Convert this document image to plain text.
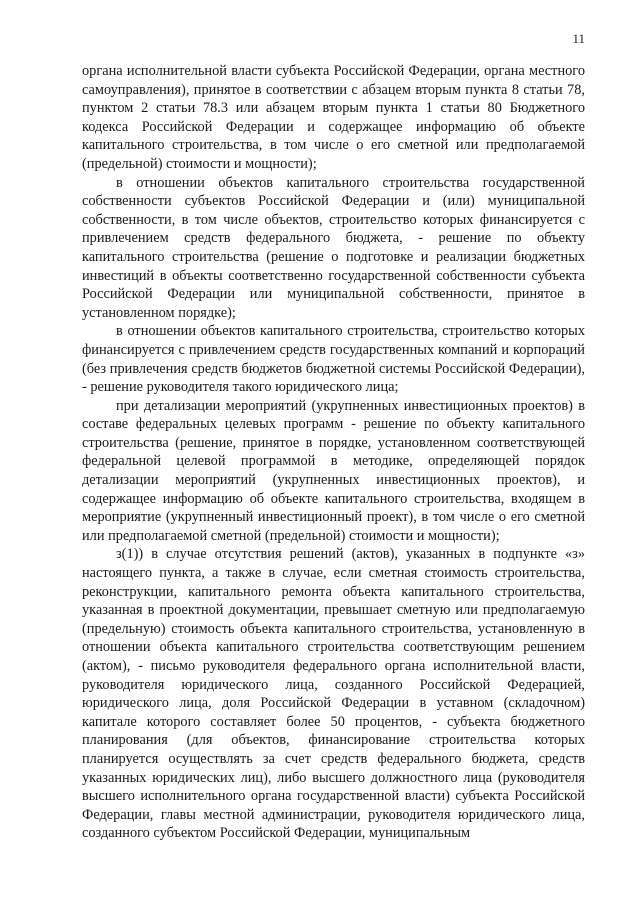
11

органа исполнительной власти субъекта Российской Федерации, органа местного самоуправления), принятое в соответствии с абзацем вторым пункта 8 статьи 78, пунктом 2 статьи 78.3 или абзацем вторым пункта 1 статьи 80 Бюджетного кодекса Российской Федерации и содержащее информацию об объекте капитального строительства, в том числе о его сметной или предполагаемой (предельной) стоимости и мощности);

в отношении объектов капитального строительства государственной собственности субъектов Российской Федерации и (или) муниципальной собственности, в том числе объектов, строительство которых финансируется с привлечением средств федерального бюджета, - решение по объекту капитального строительства (решение о подготовке и реализации бюджетных инвестиций в объекты соответственно государственной собственности субъекта Российской Федерации или муниципальной собственности, принятое в установленном порядке);

в отношении объектов капитального строительства, строительство которых финансируется с привлечением средств государственных компаний и корпораций (без привлечения средств бюджетов бюджетной системы Российской Федерации), - решение руководителя такого юридического лица;

при детализации мероприятий (укрупненных инвестиционных проектов) в составе федеральных целевых программ - решение по объекту капитального строительства (решение, принятое в порядке, установленном соответствующей федеральной целевой программой в методике, определяющей порядок детализации мероприятий (укрупненных инвестиционных проектов), и содержащее информацию об объекте капитального строительства, входящем в мероприятие (укрупненный инвестиционный проект), в том числе о его сметной или предполагаемой сметной (предельной) стоимости и мощности);

з(1)) в случае отсутствия решений (актов), указанных в подпункте «з» настоящего пункта, а также в случае, если сметная стоимость строительства, реконструкции, капитального ремонта объекта капитального строительства, указанная в проектной документации, превышает сметную или предполагаемую (предельную) стоимость объекта капитального строительства, установленную в отношении объекта капитального строительства соответствующим решением (актом), - письмо руководителя федерального органа исполнительной власти, руководителя юридического лица, созданного Российской Федерацией, юридического лица, доля Российской Федерации в уставном (складочном) капитале которого составляет более 50 процентов, - субъекта бюджетного планирования (для объектов, финансирование строительства которых планируется осуществлять за счет средств федерального бюджета, средств указанных юридических лиц), либо высшего должностного лица (руководителя высшего исполнительного органа государственной власти) субъекта Российской Федерации, главы местной администрации, руководителя юридического лица, созданного субъектом Российской Федерации, муниципальным
